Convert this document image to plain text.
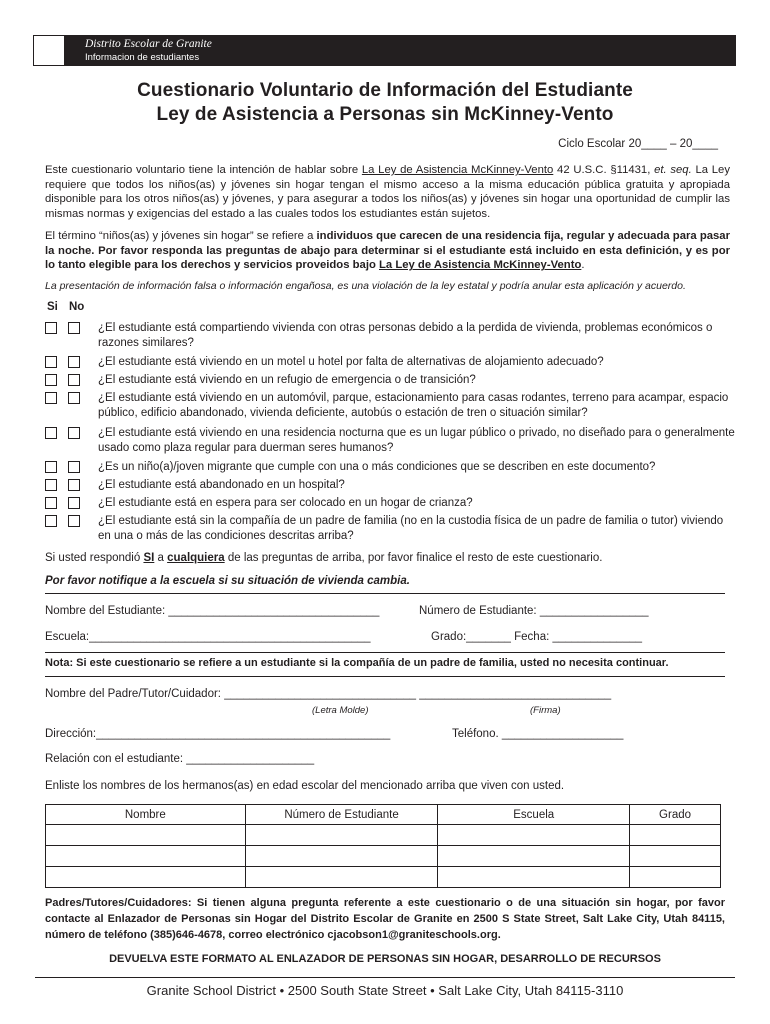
Distrito Escolar de Granite
Informacion de estudiantes
Cuestionario Voluntario de Información del Estudiante
Ley de Asistencia a Personas sin McKinney-Vento
Ciclo Escolar 20____ – 20____
Este cuestionario voluntario tiene la intención de hablar sobre La Ley de Asistencia McKinney-Vento 42 U.S.C. §11431, et. seq. La Ley requiere que todos los niños(as) y jóvenes sin hogar tengan el mismo acceso a la misma educación pública gratuita y apropiada disponible para los otros niños(as) y jóvenes, y para asegurar a todos los niños(as) y jóvenes sin hogar una oportunidad de cumplir las mismas normas y exigencias del estado a las cuales todos los estudiantes están sujetos.
El término “niños(as) y jóvenes sin hogar” se refiere a individuos que carecen de una residencia fija, regular y adecuada para pasar la noche. Por favor responda las preguntas de abajo para determinar si el estudiante está incluido en esta definición, y es por lo tanto elegible para los derechos y servicios proveidos bajo La Ley de Asistencia McKinney-Vento.
La presentación de información falsa o información engañosa, es una violación de la ley estatal y podría anular esta aplicación y acuerdo.
Si No
¿El estudiante está compartiendo vivienda con otras personas debido a la perdida de vivienda, problemas económicos o razones similares?
¿El estudiante está viviendo en un motel u hotel por falta de alternativas de alojamiento adecuado?
¿El estudiante está viviendo en un refugio de emergencia o de transición?
¿El estudiante está viviendo en un automóvil, parque, estacionamiento para casas rodantes, terreno para acampar, espacio público, edificio abandonado, vivienda deficiente, autobús o estación de tren o situación similar?
¿El estudiante está viviendo en una residencia nocturna que es un lugar público o privado, no diseñado para o generalmente usado como plaza regular para duerman seres humanos?
¿Es un niño(a)/joven migrante que cumple con una o más condiciones que se describen en este documento?
¿El estudiante está abandonado en un hospital?
¿El estudiante está en espera para ser colocado en un hogar de crianza?
¿El estudiante está sin la compañía de un padre de familia (no en la custodia física de un padre de familia o tutor) viviendo en una o más de las condiciones descritas arriba?
Si usted respondió SI a cualquiera de las preguntas de arriba, por favor finalice el resto de este cuestionario.
Por favor notifique a la escuela si su situación de vivienda cambia.
Nombre del Estudiante: _________________________________	Número de Estudiante: _________________
Escuela:____________________________________________	Grado:_______ Fecha: ______________
Nota: Si este cuestionario se refiere a un estudiante si la compañía de un padre de familia, usted no necesita continuar.
Nombre del Padre/Tutor/Cuidador: ______________________________ ______________________________
(Letra Molde)	(Firma)
Dirección:______________________________________________	Teléfono. ___________________
Relación con el estudiante: ____________________
Enliste los nombres de los hermanos(as) en edad escolar del mencionado arriba que viven con usted.
Nombre	Número de Estudiante	Escuela	Grado

Padres/Tutores/Cuidadores: Si tienen alguna pregunta referente a este cuestionario o de una situación sin hogar, por favor contacte al Enlazador de Personas sin Hogar del Distrito Escolar de Granite en 2500 S State Street, Salt Lake City, Utah 84115, número de teléfono (385)646-4678, correo electrónico cjacobson1@graniteschools.org.
DEVUELVA ESTE FORMATO AL ENLAZADOR DE PERSONAS SIN HOGAR, DESARROLLO DE RECURSOS
Granite School District • 2500 South State Street • Salt Lake City, Utah 84115-3110
